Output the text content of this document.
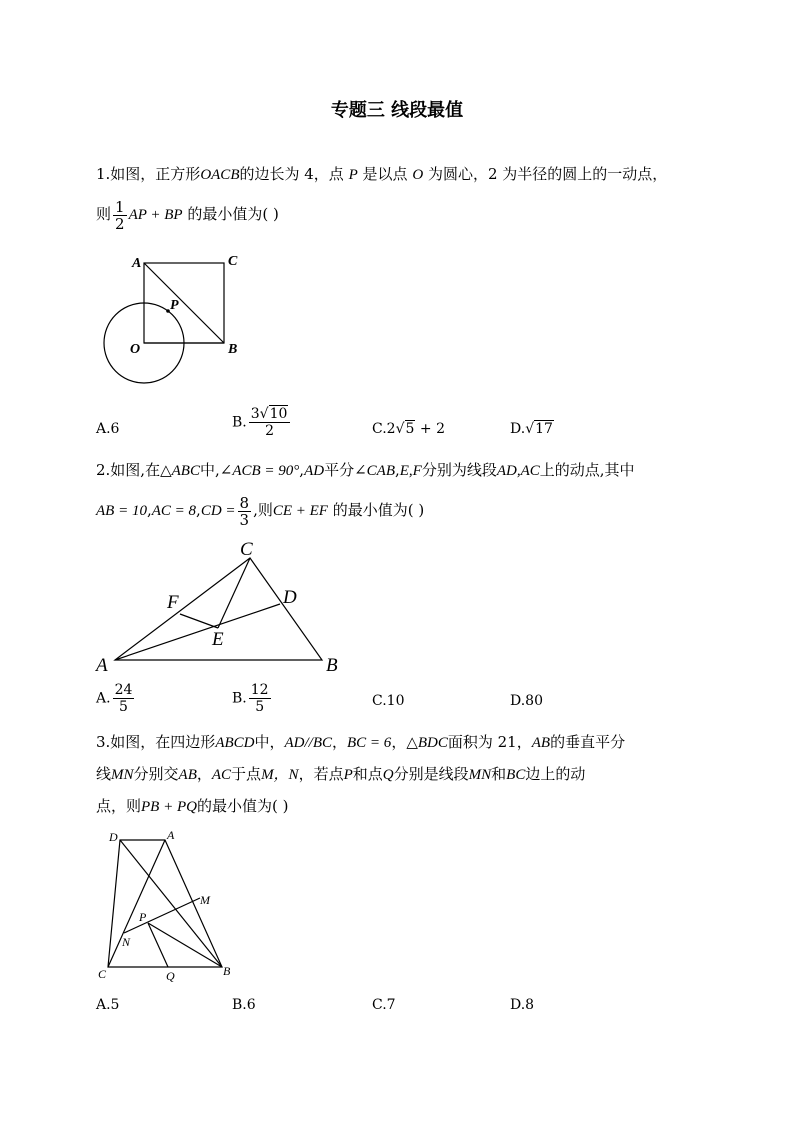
专题三 线段最值
1.如图，正方形OACB的边长为 4，点 P 是以点 O 为圆心，2 为半径的圆上的一动点，
则 $\frac{1}{2}$ AP + BP 的最小值为( )
A	C
P
O	B
A.6	B. $\frac{3√10}{2}$	C.2√5 + 2	D.√17
2.如图,在△ABC中,∠ACB = 90°,AD平分∠CAB,E,F分别为线段AD,AC上的动点,其中
AB = $10,AC = 8,CD = \frac{8}{3}$ ,则CE + EF 的最小值为( )
C
F	D
E
A	B
A. $\frac{24}{5}$	B. $\frac{12}{5}$	C.10	D.80
3.如图，在四边形ABCD中，AD//BC，BC = 6，△BDC面积为 21，AB的垂直平分
线MN分别交AB，AC于点M，N，若点P和点Q分别是线段MN和BC边上的动
点，则PB + PQ的最小值为( )
D	A
M
P
N
C	Q	B
A.5	B.6	C.7	D.8
